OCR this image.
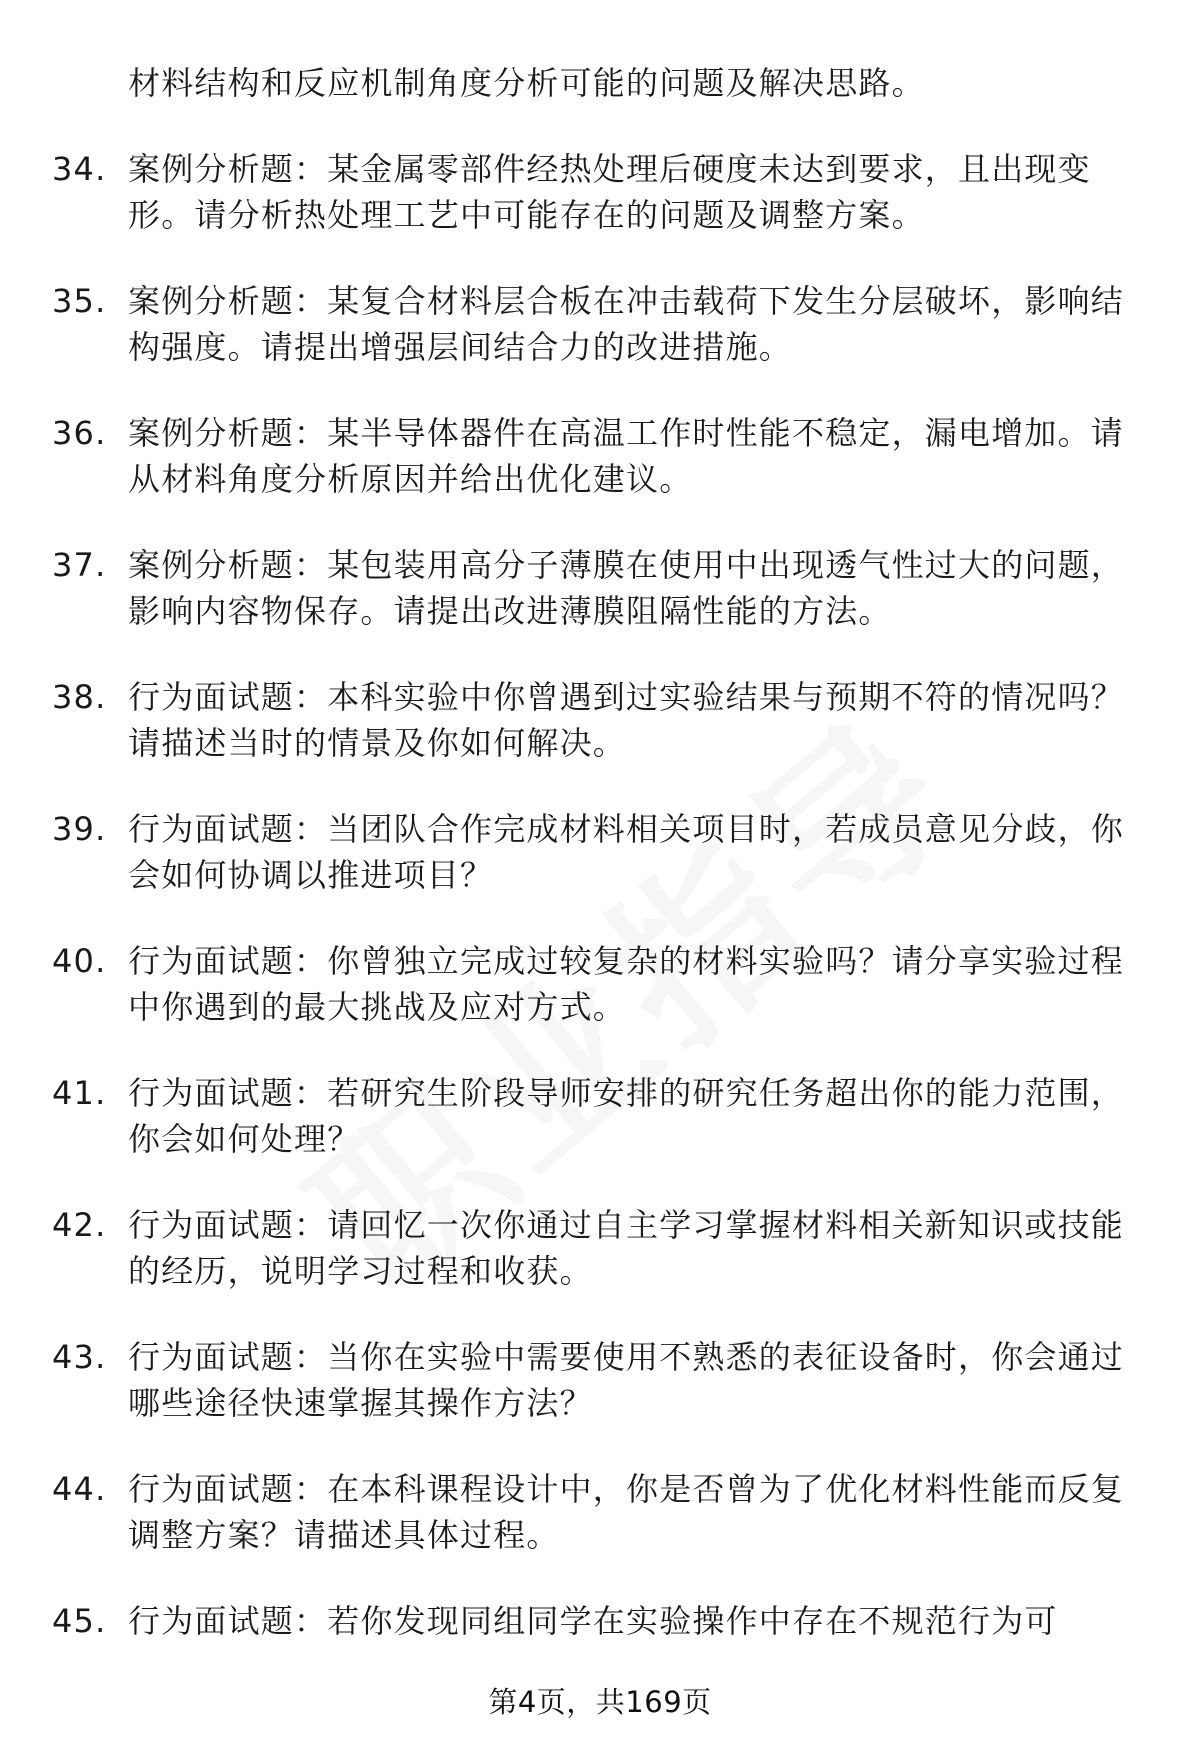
材料结构和反应机制角度分析可能的问题及解决思路。
34. 案例分析题：某金属零部件经热处理后硬度未达到要求，且出现变形。请分析热处理工艺中可能存在的问题及调整方案。
35. 案例分析题：某复合材料层合板在冲击载荷下发生分层破坏，影响结构强度。请提出增强层间结合力的改进措施。
36. 案例分析题：某半导体器件在高温工作时性能不稳定，漏电增加。请从材料角度分析原因并给出优化建议。
37. 案例分析题：某包装用高分子薄膜在使用中出现透气性过大的问题，影响内容物保存。请提出改进薄膜阻隔性能的方法。
38. 行为面试题：本科实验中你曾遇到过实验结果与预期不符的情况吗？请描述当时的情景及你如何解决。
39. 行为面试题：当团队合作完成材料相关项目时，若成员意见分歧，你会如何协调以推进项目？
40. 行为面试题：你曾独立完成过较复杂的材料实验吗？请分享实验过程中你遇到的最大挑战及应对方式。
41. 行为面试题：若研究生阶段导师安排的研究任务超出你的能力范围，你会如何处理？
42. 行为面试题：请回忆一次你通过自主学习掌握材料相关新知识或技能的经历，说明学习过程和收获。
43. 行为面试题：当你在实验中需要使用不熟悉的表征设备时，你会通过哪些途径快速掌握其操作方法？
44. 行为面试题：在本科课程设计中，你是否曾为了优化材料性能而反复调整方案？请描述具体过程。
45. 行为面试题：若你发现同组同学在实验操作中存在不规范行为可
第4页，共169页
